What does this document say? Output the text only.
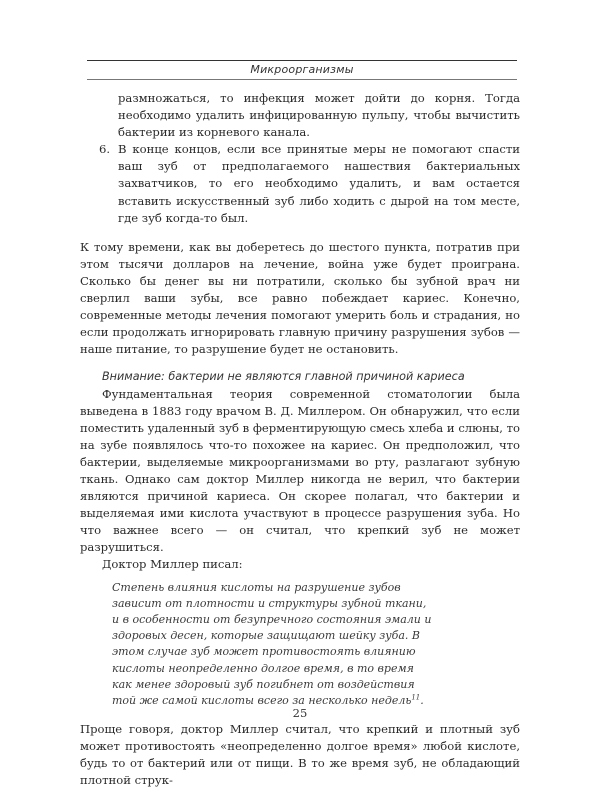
Микроорганизмы

размножаться, то инфекция может дойти до корня. Тогда необходимо удалить инфицированную пульпу, чтобы вычистить бактерии из корневого канала.

6. В конце концов, если все принятые меры не помогают спасти ваш зуб от предполагаемого нашествия бактериальных захватчиков, то его необходимо удалить, и вам остается вставить искусственный зуб либо ходить с дырой на том месте, где зуб когда-то был.

К тому времени, как вы доберетесь до шестого пункта, потратив при этом тысячи долларов на лечение, война уже будет проиграна. Сколько бы денег вы ни потратили, сколько бы зубной врач ни сверлил ваши зубы, все равно побеждает кариес. Конечно, современные методы лечения помогают умерить боль и страдания, но если продолжать игнорировать главную причину разрушения зубов — наше питание, то разрушение будет не остановить.

Внимание: бактерии не являются главной причиной кариеса

Фундаментальная теория современной стоматологии была выведена в 1883 году врачом В. Д. Миллером. Он обнаружил, что если поместить удаленный зуб в ферментирующую смесь хлеба и слюны, то на зубе появлялось что-то похожее на кариес. Он предположил, что бактерии, выделяемые микроорганизмами во рту, разлагают зубную ткань. Однако сам доктор Миллер никогда не верил, что бактерии являются причиной кариеса. Он скорее полагал, что бактерии и выделяемая ими кислота участвуют в процессе разрушения зуба. Но что важнее всего — он считал, что крепкий зуб не может разрушиться.

Доктор Миллер писал:

Степень влияния кислоты на разрушение зубов зависит от плотности и структуры зубной ткани, и в особенности от безупречного состояния эмали и здоровых десен, которые защищают шейку зуба. В этом случае зуб может противостоять влиянию кислоты неопределенно долгое время, в то время как менее здоровый зуб погибнет от воздействия той же самой кислоты всего за несколько недель$^{11}$.

Проще говоря, доктор Миллер считал, что крепкий и плотный зуб может противостоять «неопределенно долгое время» любой кислоте, будь то от бактерий или от пищи. В то же время зуб, не обладающий плотной струк-

25
